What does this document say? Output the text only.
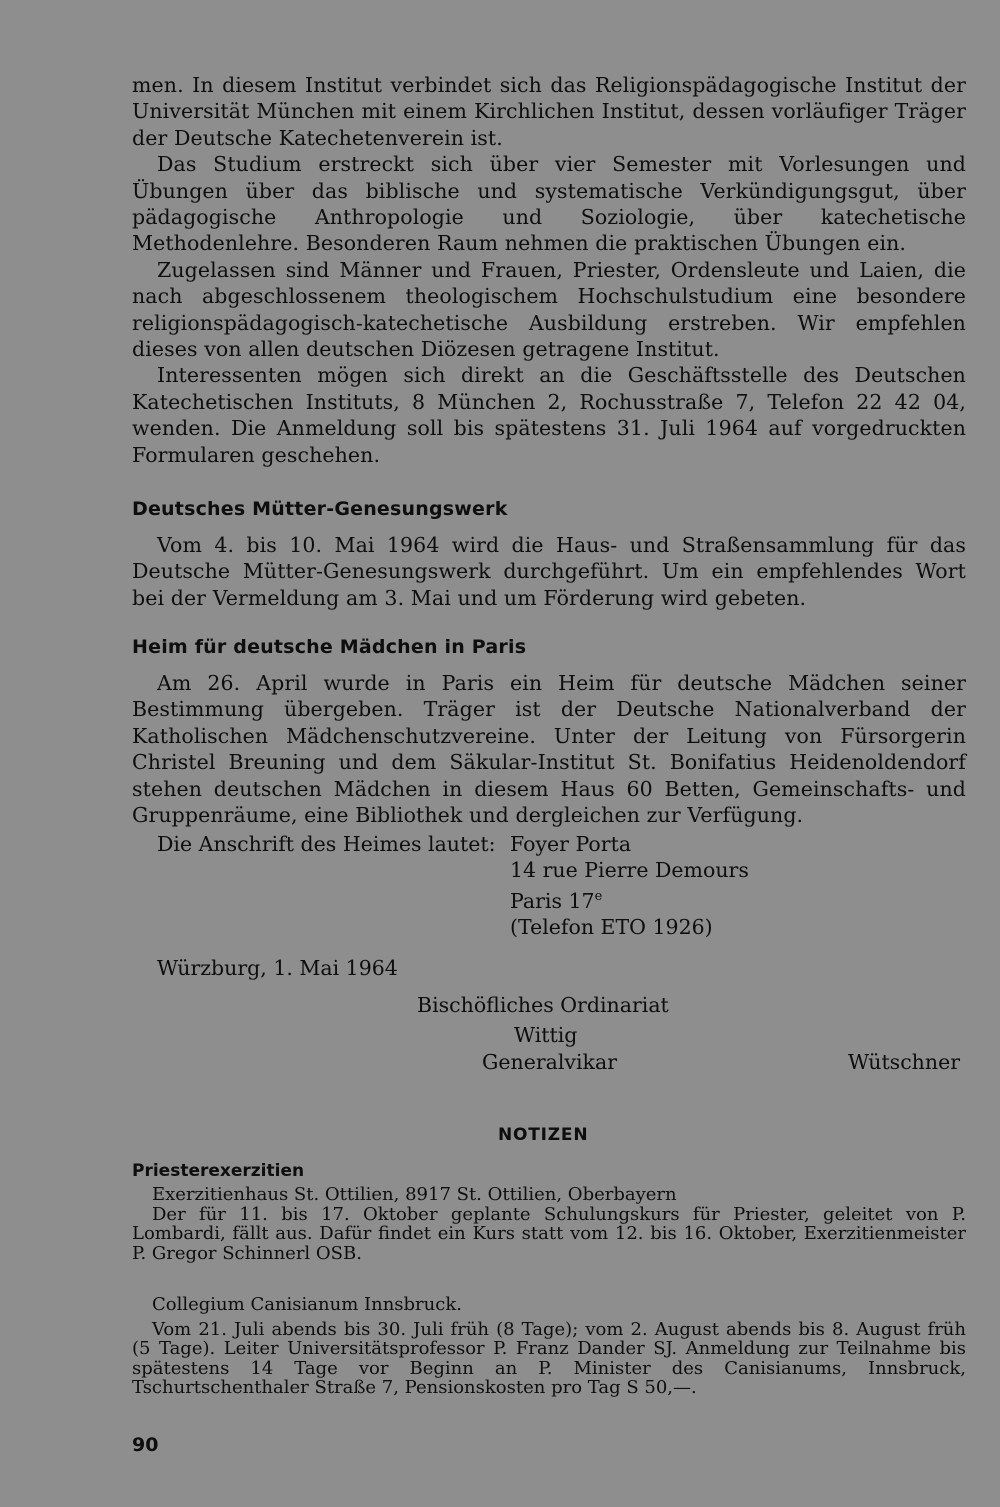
men. In diesem Institut verbindet sich das Religionspädagogische Institut der Universität München mit einem Kirchlichen Institut, dessen vorläufiger Träger der Deutsche Katechetenverein ist.

Das Studium erstreckt sich über vier Semester mit Vorlesungen und Übungen über das biblische und systematische Verkündigungsgut, über pädagogische Anthropologie und Soziologie, über katechetische Methodenlehre. Besonderen Raum nehmen die praktischen Übungen ein.

Zugelassen sind Männer und Frauen, Priester, Ordensleute und Laien, die nach abgeschlossenem theologischem Hochschulstudium eine besondere religionspädagogisch-katechetische Ausbildung erstreben. Wir empfehlen dieses von allen deutschen Diözesen getragene Institut.

Interessenten mögen sich direkt an die Geschäftsstelle des Deutschen Katechetischen Instituts, 8 München 2, Rochusstraße 7, Telefon 22 42 04, wenden. Die Anmeldung soll bis spätestens 31. Juli 1964 auf vorgedruckten Formularen geschehen.

Deutsches Mütter-Genesungswerk

Vom 4. bis 10. Mai 1964 wird die Haus- und Straßensammlung für das Deutsche Mütter-Genesungswerk durchgeführt. Um ein empfehlendes Wort bei der Vermeldung am 3. Mai und um Förderung wird gebeten.

Heim für deutsche Mädchen in Paris

Am 26. April wurde in Paris ein Heim für deutsche Mädchen seiner Bestimmung übergeben. Träger ist der Deutsche Nationalverband der Katholischen Mädchenschutzvereine. Unter der Leitung von Fürsorgerin Christel Breuning und dem Säkular-Institut St. Bonifatius Heidenoldendorf stehen deutschen Mädchen in diesem Haus 60 Betten, Gemeinschafts- und Gruppenräume, eine Bibliothek und dergleichen zur Verfügung.

Die Anschrift des Heimes lautet: Foyer Porta

14 rue Pierre Demours

Paris 17e

(Telefon ETO 1926)

Würzburg, 1. Mai 1964

Bischöfliches Ordinariat

Wittig

Generalvikar	Wütschner

NOTIZEN

Priesterexerzitien

Exerzitienhaus St. Ottilien, 8917 St. Ottilien, Oberbayern

Der für 11. bis 17. Oktober geplante Schulungskurs für Priester, geleitet von P. Lombardi, fällt aus. Dafür findet ein Kurs statt vom 12. bis 16. Oktober, Exerzitienmeister P. Gregor Schinnerl OSB.

Collegium Canisianum Innsbruck.

Vom 21. Juli abends bis 30. Juli früh (8 Tage); vom 2. August abends bis 8. August früh (5 Tage). Leiter Universitätsprofessor P. Franz Dander SJ. Anmeldung zur Teilnahme bis spätestens 14 Tage vor Beginn an P. Minister des Canisianums, Innsbruck, Tschurtschenthaler Straße 7, Pensionskosten pro Tag S 50,—.

90
